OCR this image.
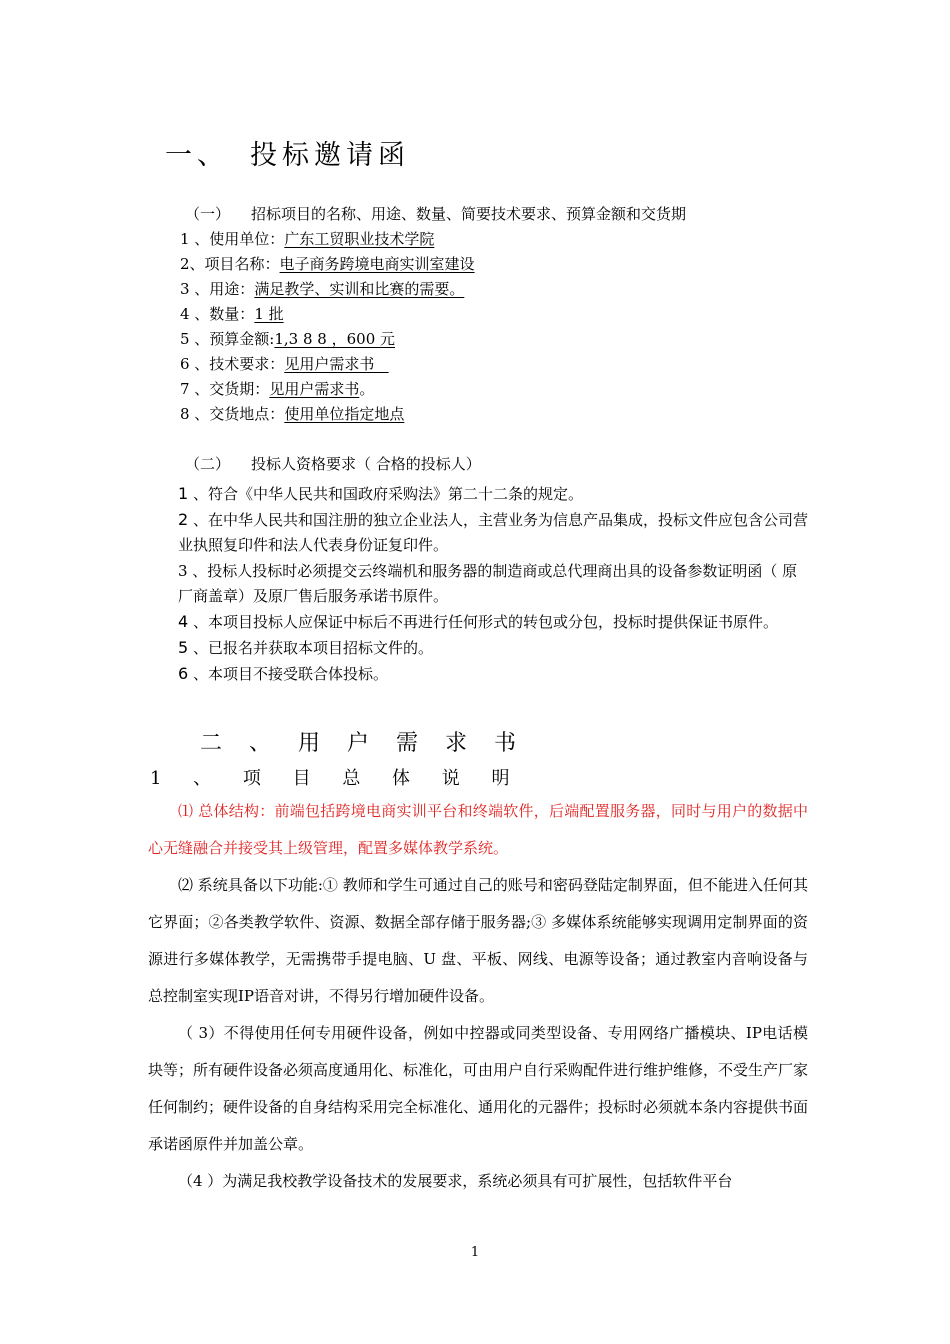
一、 投标邀请函
（一） 招标项目的名称、用途、数量、简要技术要求、预算金额和交货期
1 、使用单位：广东工贸职业技术学院
2、项目名称：电子商务跨境电商实训室建设
3 、用途：满足教学、实训和比赛的需要。
4 、数量：1 批
5 、预算金额:1,3 8 8 ，600 元
6 、技术要求：见用户需求书
7 、交货期：见用户需求书。
8 、交货地点：使用单位指定地点
（二） 投标人资格要求（ 合格的投标人）
1 、符合《中华人民共和国政府采购法》第二十二条的规定。
2 、在中华人民共和国注册的独立企业法人，主营业务为信息产品集成，投标文件应包含公司营业执照复印件和法人代表身份证复印件。
3 、投标人投标时必须提交云终端机和服务器的制造商或总代理商出具的设备参数证明函（ 原厂商盖章）及原厂售后服务承诺书原件。
4 、本项目投标人应保证中标后不再进行任何形式的转包或分包，投标时提供保证书原件。
5 、已报名并获取本项目招标文件的。
6 、本项目不接受联合体投标。
二 、 用 户 需 求 书
1 、 项 目 总 体 说 明
⑴ 总体结构：前端包括跨境电商实训平台和终端软件，后端配置服务器，同时与用户的数据中心无缝融合并接受其上级管理，配置多媒体教学系统。
⑵ 系统具备以下功能:① 教师和学生可通过自己的账号和密码登陆定制界面，但不能进入任何其它界面；②各类教学软件、资源、数据全部存储于服务器;③ 多媒体系统能够实现调用定制界面的资源进行多媒体教学，无需携带手提电脑、U 盘、平板、网线、电源等设备；通过教室内音响设备与总控制室实现IP语音对讲，不得另行增加硬件设备。
（ 3）不得使用任何专用硬件设备，例如中控器或同类型设备、专用网络广播模块、IP电话模块等；所有硬件设备必须高度通用化、标准化，可由用户自行采购配件进行维护维修，不受生产厂家任何制约；硬件设备的自身结构采用完全标准化、通用化的元器件；投标时必须就本条内容提供书面承诺函原件并加盖公章。
（4 ）为满足我校教学设备技术的发展要求，系统必须具有可扩展性，包括软件平台
1
